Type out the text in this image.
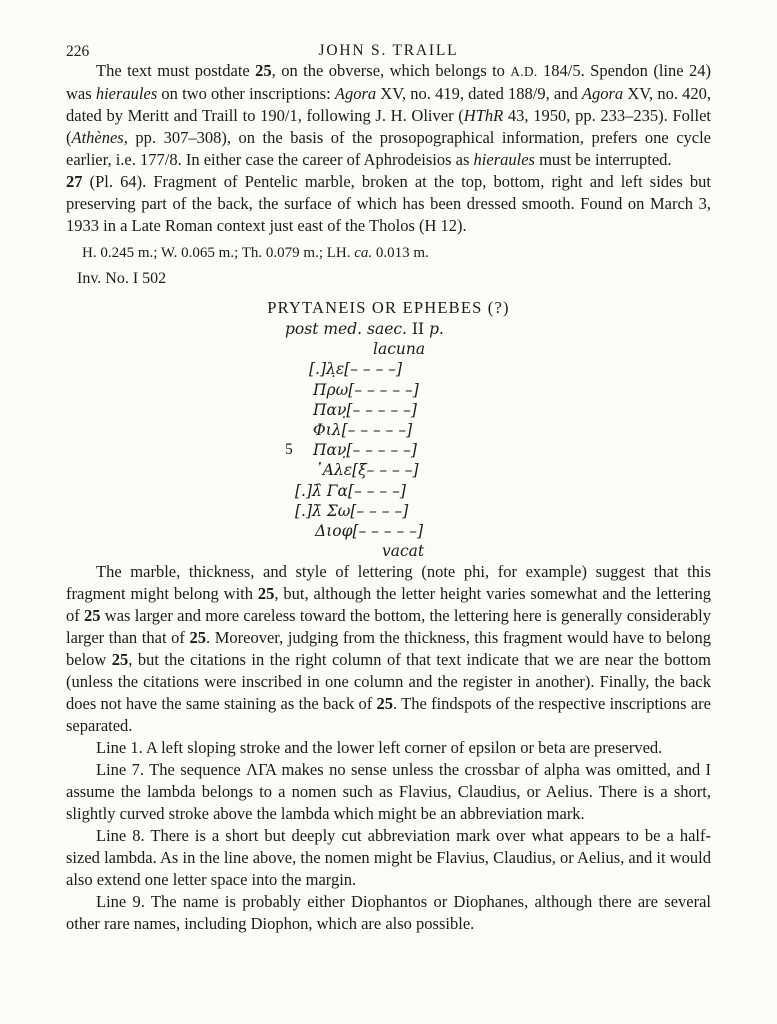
226	JOHN S. TRAILL

The text must postdate 25, on the obverse, which belongs to A.D. 184/5. Spendon (line 24) was hieraules on two other inscriptions: Agora XV, no. 419, dated 188/9, and Agora XV, no. 420, dated by Meritt and Traill to 190/1, following J. H. Oliver (HThR 43, 1950, pp. 233–235). Follet (Athènes, pp. 307–308), on the basis of the prosopographical information, prefers one cycle earlier, i.e. 177/8. In either case the career of Aphrodeisios as hieraules must be interrupted.

27 (Pl. 64). Fragment of Pentelic marble, broken at the top, bottom, right and left sides but preserving part of the back, the surface of which has been dressed smooth. Found on March 3, 1933 in a Late Roman context just east of the Tholos (H 12).

H. 0.245 m.; W. 0.065 m.; Th. 0.079 m.; LH. ca. 0.013 m.
Inv. No. I 502
PRYTANEIS OR EPHEBES (?)
post med. saec. II p.
lacuna
[.]λ̣ε[– – – –]
Πρω[– – – – –]
Παν̣[– – – – –]
Φιλ[– – – – –]
5	Παν̣[– – – – –]
᾿Αλε[ξ– – – –]
[.]λ̑ Γα[– – – –]
[.]λ̄ Σω[– – – –]
Διοφ[– – – – –]
vacat

The marble, thickness, and style of lettering (note phi, for example) suggest that this fragment might belong with 25, but, although the letter height varies somewhat and the lettering of 25 was larger and more careless toward the bottom, the lettering here is generally considerably larger than that of 25. Moreover, judging from the thickness, this fragment would have to belong below 25, but the citations in the right column of that text indicate that we are near the bottom (unless the citations were inscribed in one column and the register in another). Finally, the back does not have the same staining as the back of 25. The findspots of the respective inscriptions are separated.

Line 1. A left sloping stroke and the lower left corner of epsilon or beta are preserved.

Line 7. The sequence ΛΓΑ makes no sense unless the crossbar of alpha was omitted, and I assume the lambda belongs to a nomen such as Flavius, Claudius, or Aelius. There is a short, slightly curved stroke above the lambda which might be an abbreviation mark.

Line 8. There is a short but deeply cut abbreviation mark over what appears to be a half-sized lambda. As in the line above, the nomen might be Flavius, Claudius, or Aelius, and it would also extend one letter space into the margin.

Line 9. The name is probably either Diophantos or Diophanes, although there are several other rare names, including Diophon, which are also possible.
